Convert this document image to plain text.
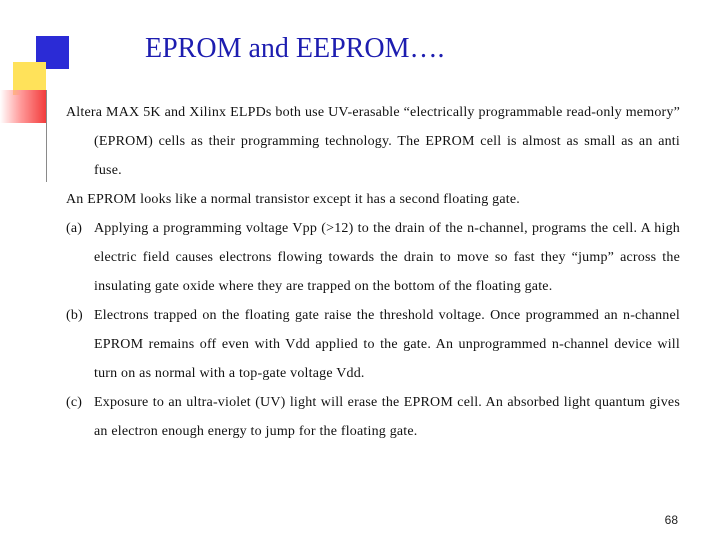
EPROM and EEPROM….

Altera MAX 5K and Xilinx ELPDs both use UV-erasable “electrically programmable read-only memory” (EPROM) cells as their programming technology. The EPROM cell is almost as small as an anti fuse.

An EPROM looks like a normal transistor except it has a second floating gate.

(a) Applying a programming voltage Vpp (>12) to the drain of the n-channel, programs the cell. A high electric field causes electrons flowing towards the drain to move so fast they “jump” across the insulating gate oxide where they are trapped on the bottom of the floating gate.
(b) Electrons trapped on the floating gate raise the threshold voltage. Once programmed an n-channel EPROM remains off even with Vdd applied to the gate. An unprogrammed n-channel device will turn on as normal with a top-gate voltage Vdd.
(c) Exposure to an ultra-violet (UV) light will erase the EPROM cell. An absorbed light quantum gives an electron enough energy to jump for the floating gate.
68
